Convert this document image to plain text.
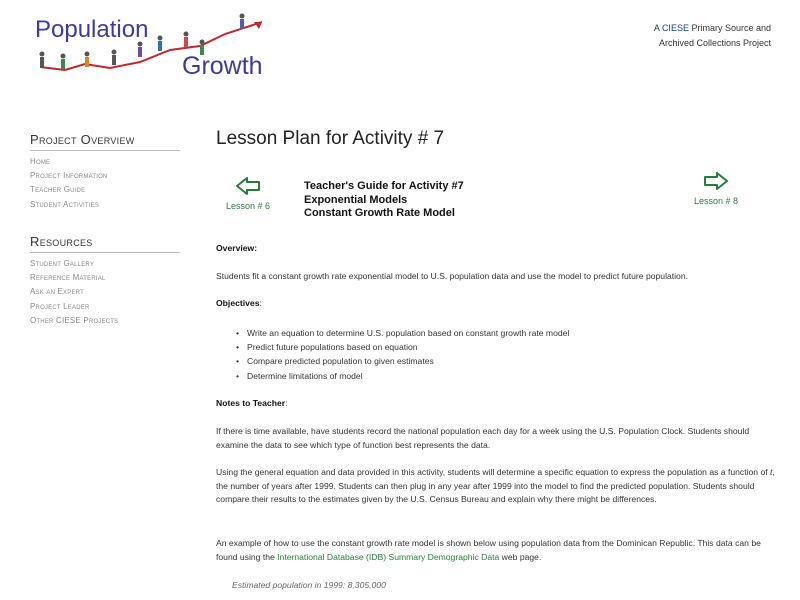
Population
Growth
A CIESE Primary Source and
Archived Collections Project
Project Overview
Home
Project Information
Teacher Guide
Student Activities
Resources
Student Gallery
Reference Material
Ask an Expert
Project Leader
Other CIESE Projects
Lesson Plan for Activity # 7
Lesson # 6	Lesson # 8
Teacher's Guide for Activity #7
Exponential Models
Constant Growth Rate Model
Overview:
Students fit a constant growth rate exponential model to U.S. population data and use the model to predict future population.
Objectives:
• Write an equation to determine U.S. population based on constant growth rate model
• Predict future populations based on equation
• Compare predicted population to given estimates
• Determine limitations of model
Notes to Teacher:
If there is time available, have students record the national population each day for a week using the U.S. Population Clock. Students should examine the data to see which type of function best represents the data.
Using the general equation and data provided in this activity, students will determine a specific equation to express the population as a function of t, the number of years after 1999. Students can then plug in any year after 1999 into the model to find the predicted population. Students should compare their results to the estimates given by the U.S. Census Bureau and explain why there might be differences.
An example of how to use the constant growth rate model is shown below using population data from the Dominican Republic. This data can be found using the International Database (IDB) Summary Demographic Data web page.
Estimated population in 1999: 8,305,000
